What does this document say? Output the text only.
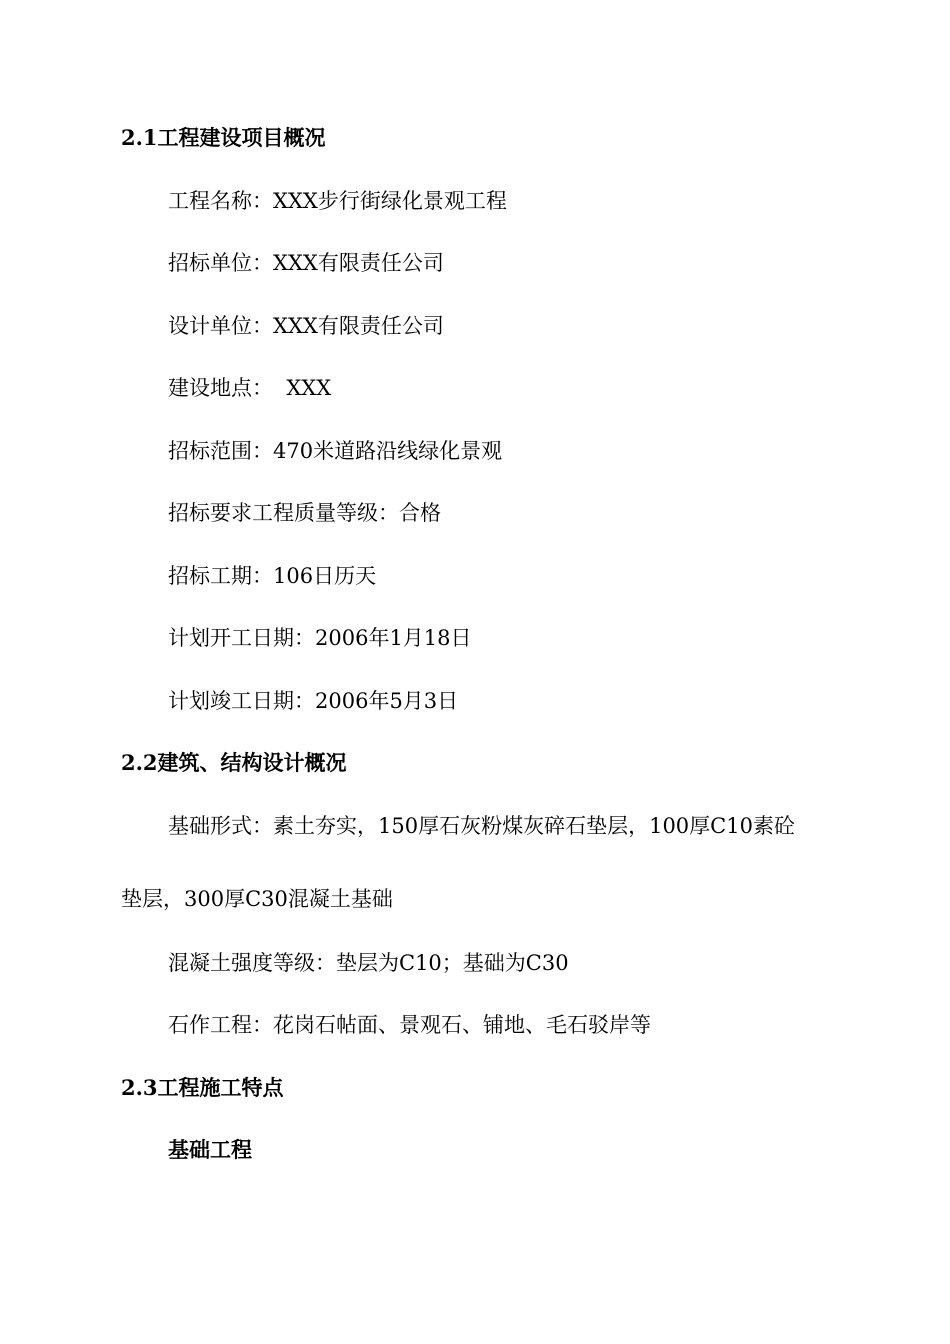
2.1工程建设项目概况

工程名称：XXX步行街绿化景观工程

招标单位：XXX有限责任公司

设计单位：XXX有限责任公司

建设地点：  XXX

招标范围：470米道路沿线绿化景观

招标要求工程质量等级：合格

招标工期：106日历天

计划开工日期：2006年1月18日

计划竣工日期：2006年5月3日

2.2建筑、结构设计概况

基础形式：素土夯实，150厚石灰粉煤灰碎石垫层，100厚C10素砼

垫层，300厚C30混凝土基础

混凝土强度等级：垫层为C10；基础为C30

石作工程：花岗石帖面、景观石、铺地、毛石驳岸等

2.3工程施工特点

基础工程
